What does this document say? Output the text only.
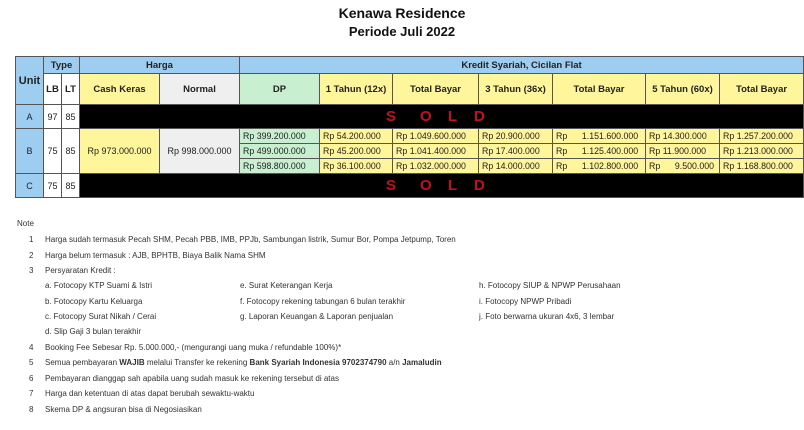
Kenawa Residence
Periode Juli 2022
Unit	Type		Harga		Kredit Syariah, Cicilan Flat						
	LB	LT	Cash Keras	Normal	DP	1 Tahun (12x)	Total Bayar	3 Tahun (36x)	Total Bayar	5 Tahun (60x)	Total Bayar
A	97	85	S O L D								

B	75	85	Rp 973.000.000	Rp 998.000.000	Rp 399.200.000	Rp 54.200.000	Rp 1.049.600.000	Rp 20.900.000	Rp      1.151.600.000	Rp 14.300.000	Rp 1.257.200.000
					Rp 499.000.000	Rp 45.200.000	Rp 1.041.400.000	Rp 17.400.000	Rp      1.125.400.000	Rp 11.900.000	Rp 1.213.000.000
					Rp 598.800.000	Rp 36.100.000	Rp 1.032.000.000	Rp 14.000.000	Rp      1.102.800.000	Rp      9.500.000	Rp 1.168.800.000
C	75	85	S O L D								
Note
1 Harga sudah termasuk Pecah SHM, Pecah PBB, IMB, PPJb, Sambungan listrik, Sumur Bor, Pompa Jetpump, Toren
2 Harga belum termasuk : AJB, BPHTB, Biaya Balik Nama SHM
3 Persyaratan Kredit :
a. Fotocopy KTP Suami & Istri
b. Fotocopy Kartu Keluarga
c. Fotocopy Surat Nikah / Cerai
d. Slip Gaji 3 bulan terakhir
e. Surat Keterangan Kerja
f. Fotocopy rekening tabungan 6 bulan terakhir
g. Laporan Keuangan & Laporan penjualan
h. Fotocopy SIUP & NPWP Perusahaan
i. Fotocopy NPWP Pribadi
j. Foto berwarna ukuran 4x6, 3 lembar
4 Booking Fee Sebesar Rp. 5.000.000,- (mengurangi uang muka / refundable 100%)*
5 Semua pembayaran WAJIB melalui Transfer ke rekening Bank Syariah Indonesia 9702374790 a/n Jamaludin
6 Pembayaran dianggap sah apabila uang sudah masuk ke rekening tersebut di atas
7 Harga dan ketentuan di atas dapat berubah sewaktu-waktu
8 Skema DP & angsuran bisa di Negosiasikan
